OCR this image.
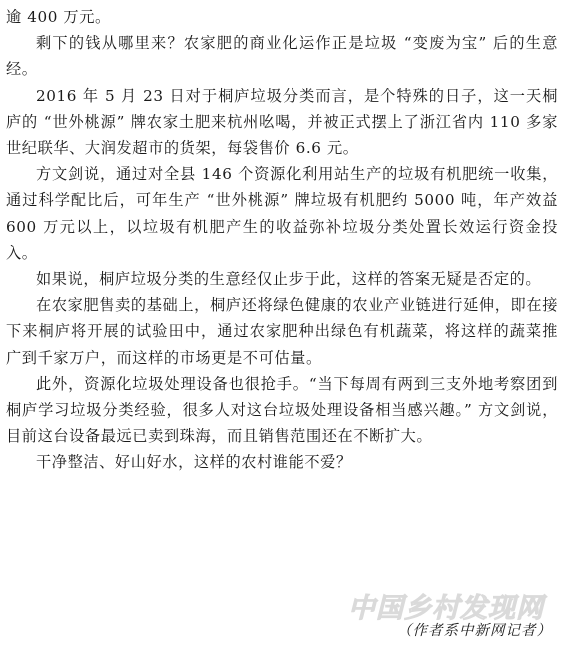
逾 400 万元。

剩下的钱从哪里来？农家肥的商业化运作正是垃圾 “变废为宝” 后的生意经。

2016 年 5 月 23 日对于桐庐垃圾分类而言，是个特殊的日子，这一天桐庐的 “世外桃源” 牌农家土肥来杭州吆喝，并被正式摆上了浙江省内 110 多家世纪联华、大润发超市的货架，每袋售价 6.6 元。

方文剑说，通过对全县 146 个资源化利用站生产的垃圾有机肥统一收集，通过科学配比后，可年生产 “世外桃源” 牌垃圾有机肥约 5000 吨，年产效益 600 万元以上，以垃圾有机肥产生的收益弥补垃圾分类处置长效运行资金投入。

如果说，桐庐垃圾分类的生意经仅止步于此，这样的答案无疑是否定的。

在农家肥售卖的基础上，桐庐还将绿色健康的农业产业链进行延伸，即在接下来桐庐将开展的试验田中，通过农家肥种出绿色有机蔬菜，将这样的蔬菜推广到千家万户，而这样的市场更是不可估量。

此外，资源化垃圾处理设备也很抢手。“当下每周有两到三支外地考察团到桐庐学习垃圾分类经验，很多人对这台垃圾处理设备相当感兴趣。” 方文剑说，目前这台设备最远已卖到珠海，而且销售范围还在不断扩大。

干净整洁、好山好水，这样的农村谁能不爱？

中国乡村发现网
（作者系中新网记者）
